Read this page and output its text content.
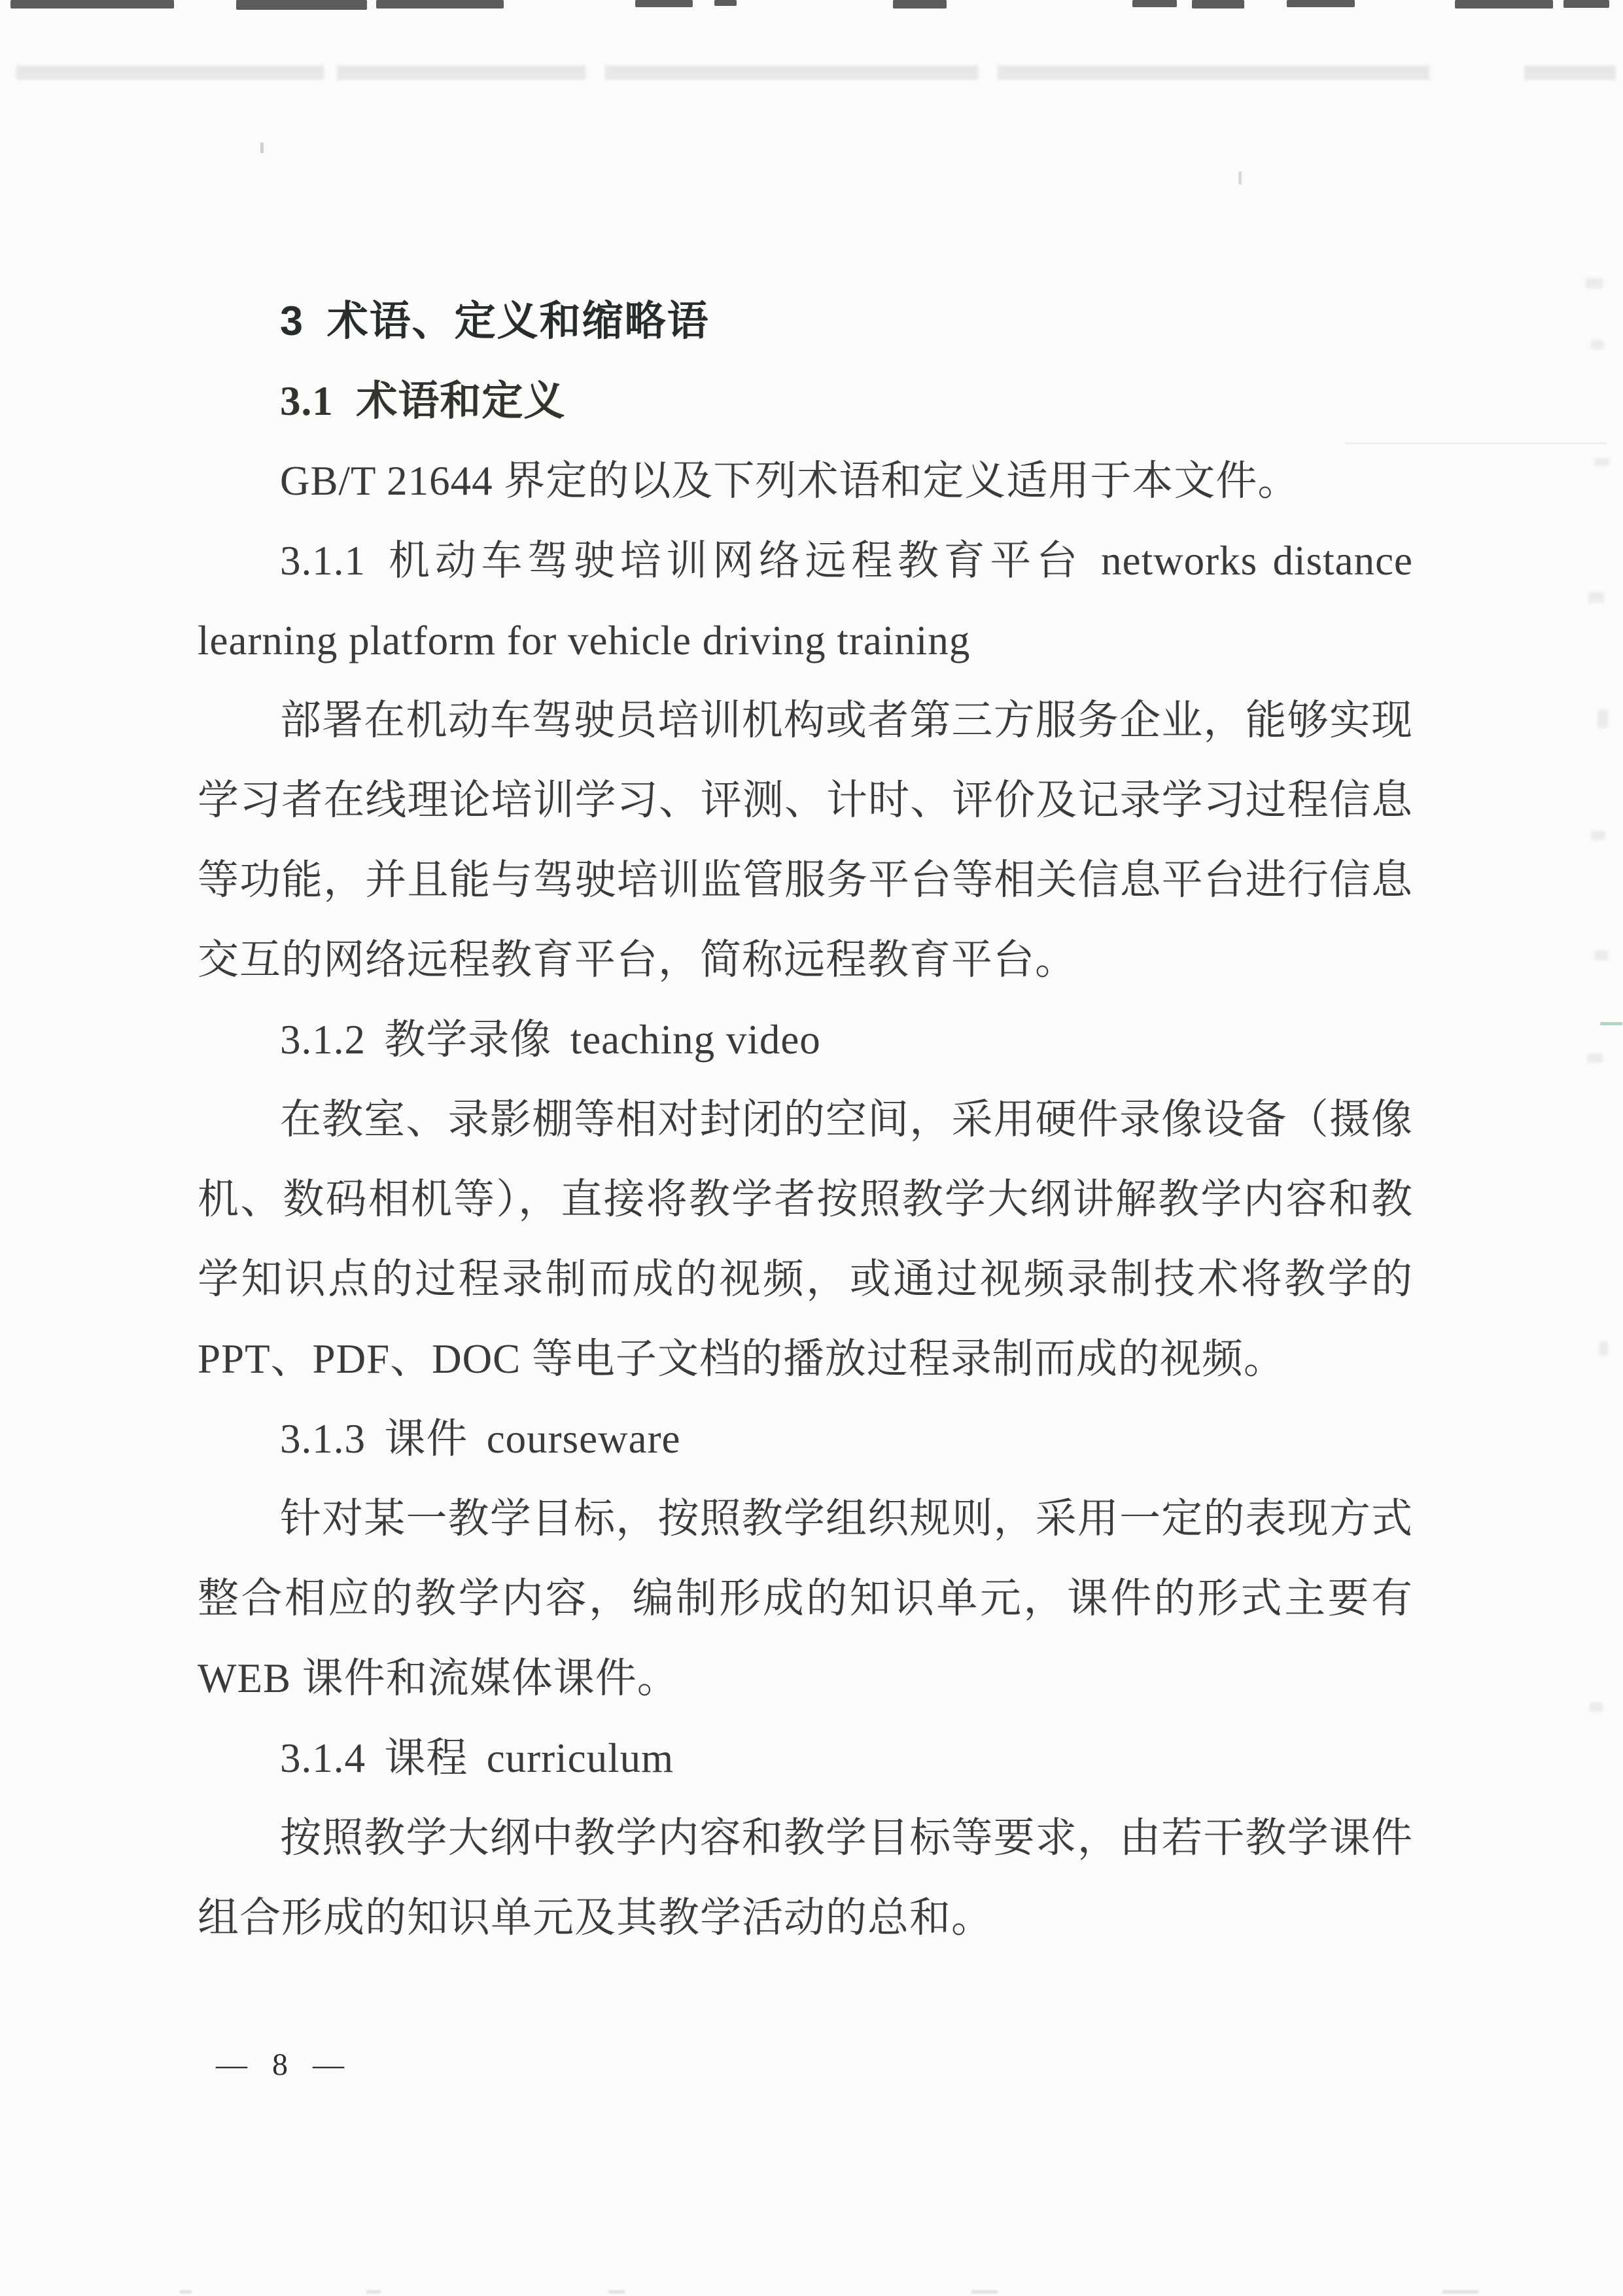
3 术语、定义和缩略语

3.1 术语和定义

GB/T 21644 界定的以及下列术语和定义适用于本文件。

3.1.1 机动车驾驶培训网络远程教育平台 networks distance learning platform for vehicle driving training

部署在机动车驾驶员培训机构或者第三方服务企业，能够实现学习者在线理论培训学习、评测、计时、评价及记录学习过程信息等功能，并且能与驾驶培训监管服务平台等相关信息平台进行信息交互的网络远程教育平台，简称远程教育平台。

3.1.2 教学录像 teaching video

在教室、录影棚等相对封闭的空间，采用硬件录像设备（摄像机、数码相机等），直接将教学者按照教学大纲讲解教学内容和教学知识点的过程录制而成的视频，或通过视频录制技术将教学的 PPT、PDF、DOC 等电子文档的播放过程录制而成的视频。

3.1.3 课件 courseware

针对某一教学目标，按照教学组织规则，采用一定的表现方式整合相应的教学内容，编制形成的知识单元，课件的形式主要有 WEB 课件和流媒体课件。

3.1.4 课程 curriculum

按照教学大纲中教学内容和教学目标等要求，由若干教学课件组合形成的知识单元及其教学活动的总和。

— 8 —
